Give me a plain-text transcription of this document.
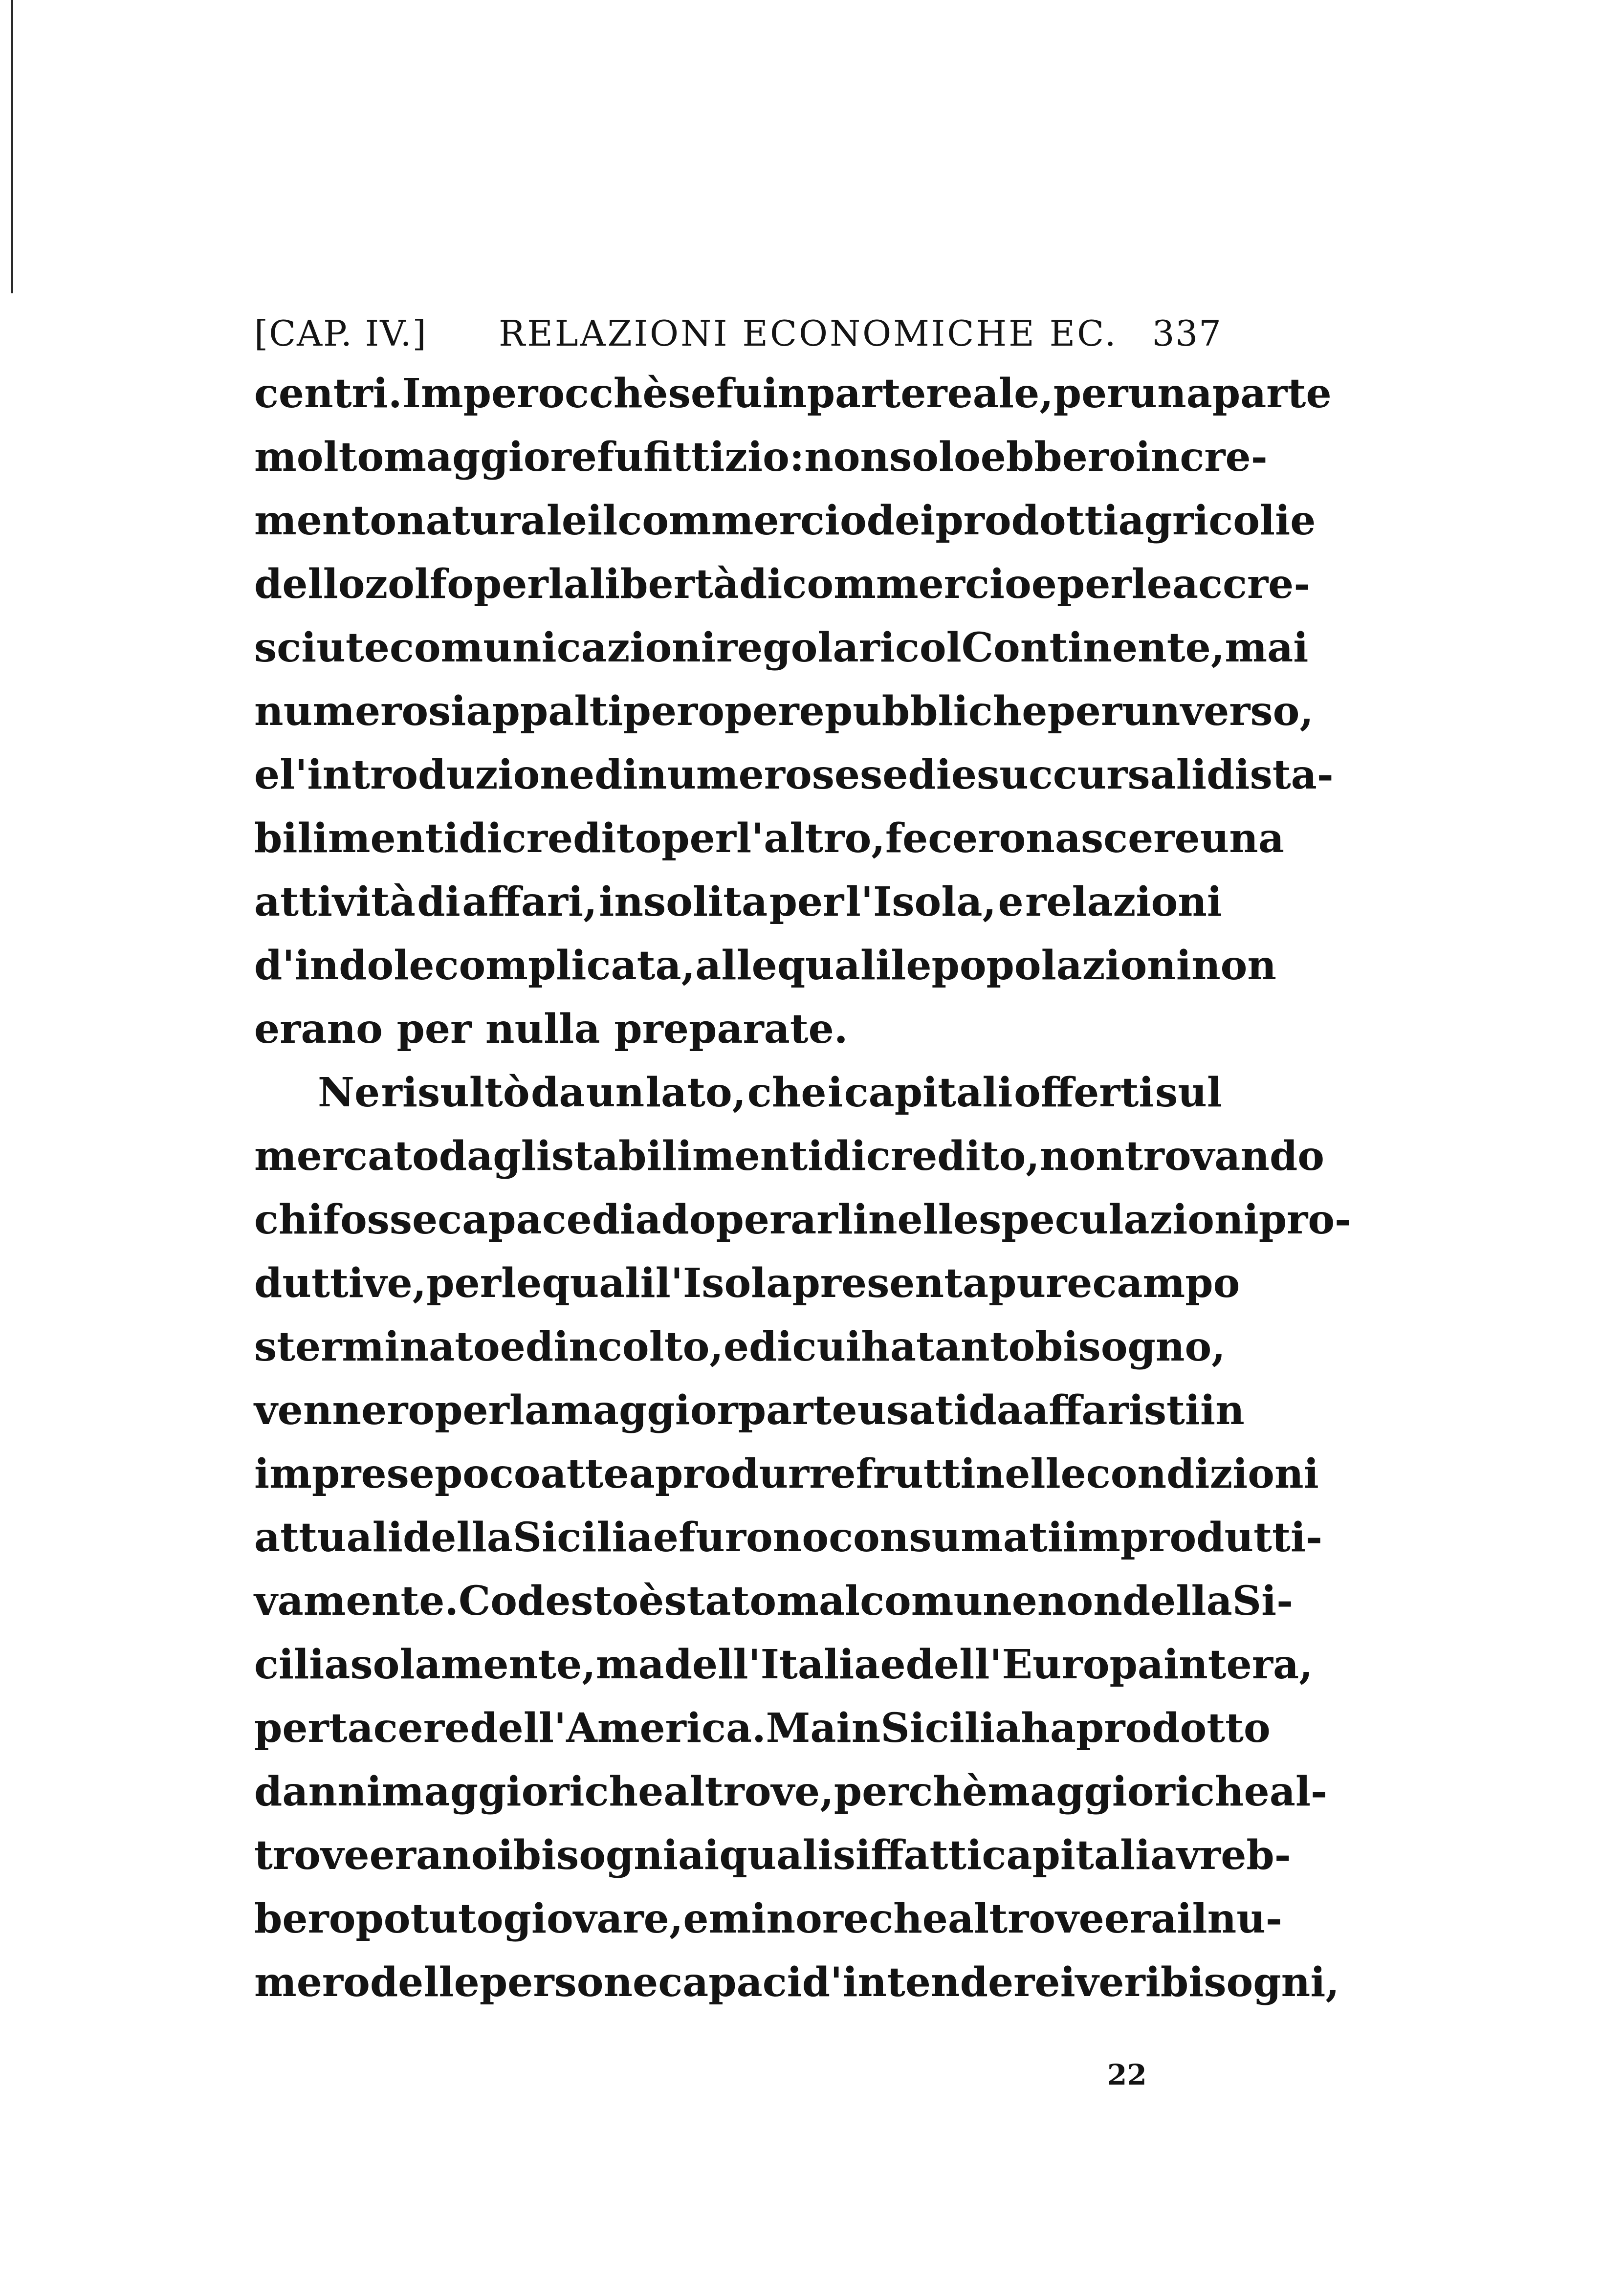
[CAP. IV.] RELAZIONI ECONOMICHE EC. 337
centri. Imperocchè se fu in parte reale, per una parte
molto maggiore fu fittizio: non solo ebbero incre-
mento naturale il commercio dei prodotti agricoli e
dello zolfo per la libertà di commercio e per le accre-
sciute comunicazioni regolari col Continente, ma i
numerosi appalti per opere pubbliche per un verso,
e l'introduzione di numerose sedi e succursali di sta-
bilimenti di credito per l'altro, fecero nascere una
attività di affari, insolita per l'Isola, e relazioni
d'indole complicata, alle quali le popolazioni non
erano per nulla preparate.
Ne risultò da un lato, che i capitali offerti sul
mercato dagli stabilimenti di credito, non trovando
chi fosse capace di adoperarli nelle speculazioni pro-
duttive, per le quali l'Isola presenta pure campo
sterminato ed incolto, e di cui ha tanto bisogno,
vennero per la maggior parte usati da affaristi in
imprese poco atte a produrre frutti nelle condizioni
attuali della Sicilia e furono consumati improdutti-
vamente. Codesto è stato mal comune non della Si-
cilia solamente, ma dell'Italia e dell'Europa intera,
per tacere dell'America. Ma in Sicilia ha prodotto
danni maggiori che altrove, perchè maggiori che al-
trove erano i bisogni ai quali siffatti capitali avreb-
bero potuto giovare, e minore che altrove era il nu-
mero delle persone capaci d'intendere i veri bisogni,
22
